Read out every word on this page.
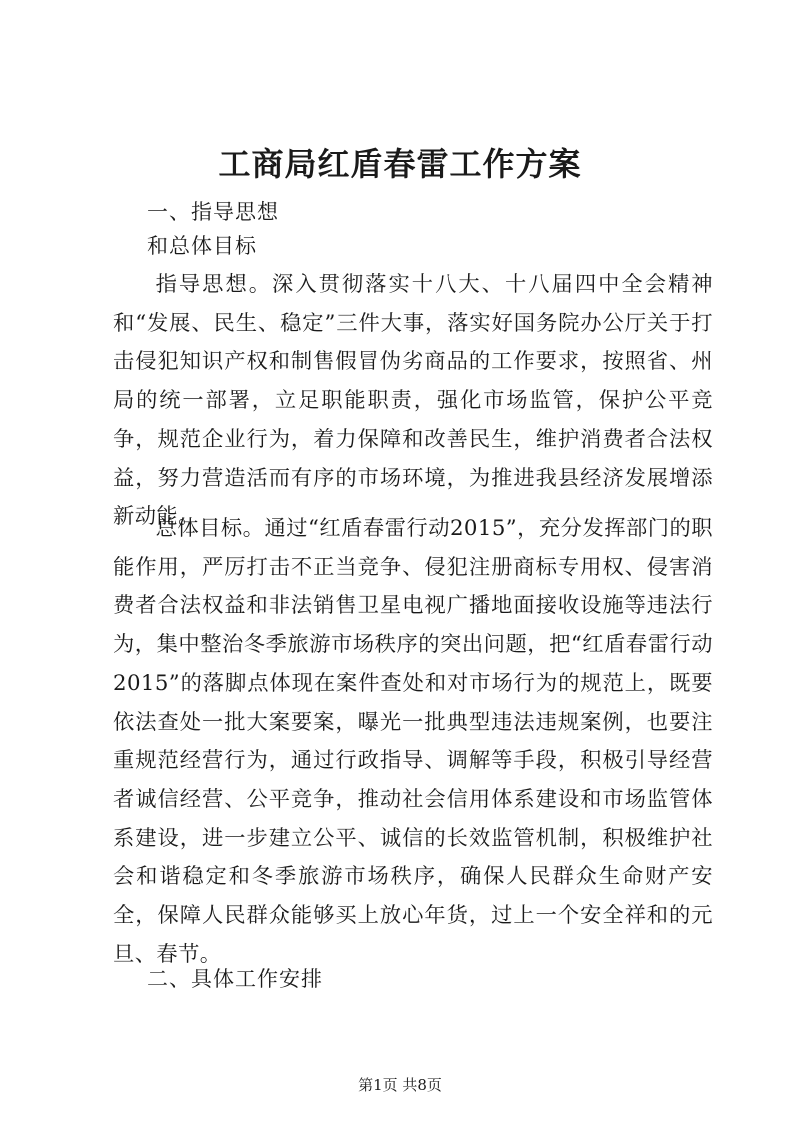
工商局红盾春雷工作方案
一、指导思想
和总体目标

指导思想。深入贯彻落实十八大、十八届四中全会精神和“发展、民生、稳定”三件大事，落实好国务院办公厅关于打击侵犯知识产权和制售假冒伪劣商品的工作要求，按照省、州局的统一部署，立足职能职责，强化市场监管，保护公平竞争，规范企业行为，着力保障和改善民生，维护消费者合法权益，努力营造活而有序的市场环境，为推进我县经济发展增添新动能。

总体目标。通过“红盾春雷行动2015”，充分发挥部门的职能作用，严厉打击不正当竞争、侵犯注册商标专用权、侵害消费者合法权益和非法销售卫星电视广播地面接收设施等违法行为，集中整治冬季旅游市场秩序的突出问题，把“红盾春雷行动2015”的落脚点体现在案件查处和对市场行为的规范上，既要依法查处一批大案要案，曝光一批典型违法违规案例，也要注重规范经营行为，通过行政指导、调解等手段，积极引导经营者诚信经营、公平竞争，推动社会信用体系建设和市场监管体系建设，进一步建立公平、诚信的长效监管机制，积极维护社会和谐稳定和冬季旅游市场秩序，确保人民群众生命财产安全，保障人民群众能够买上放心年货，过上一个安全祥和的元旦、春节。

二、具体工作安排
第1页 共8页
